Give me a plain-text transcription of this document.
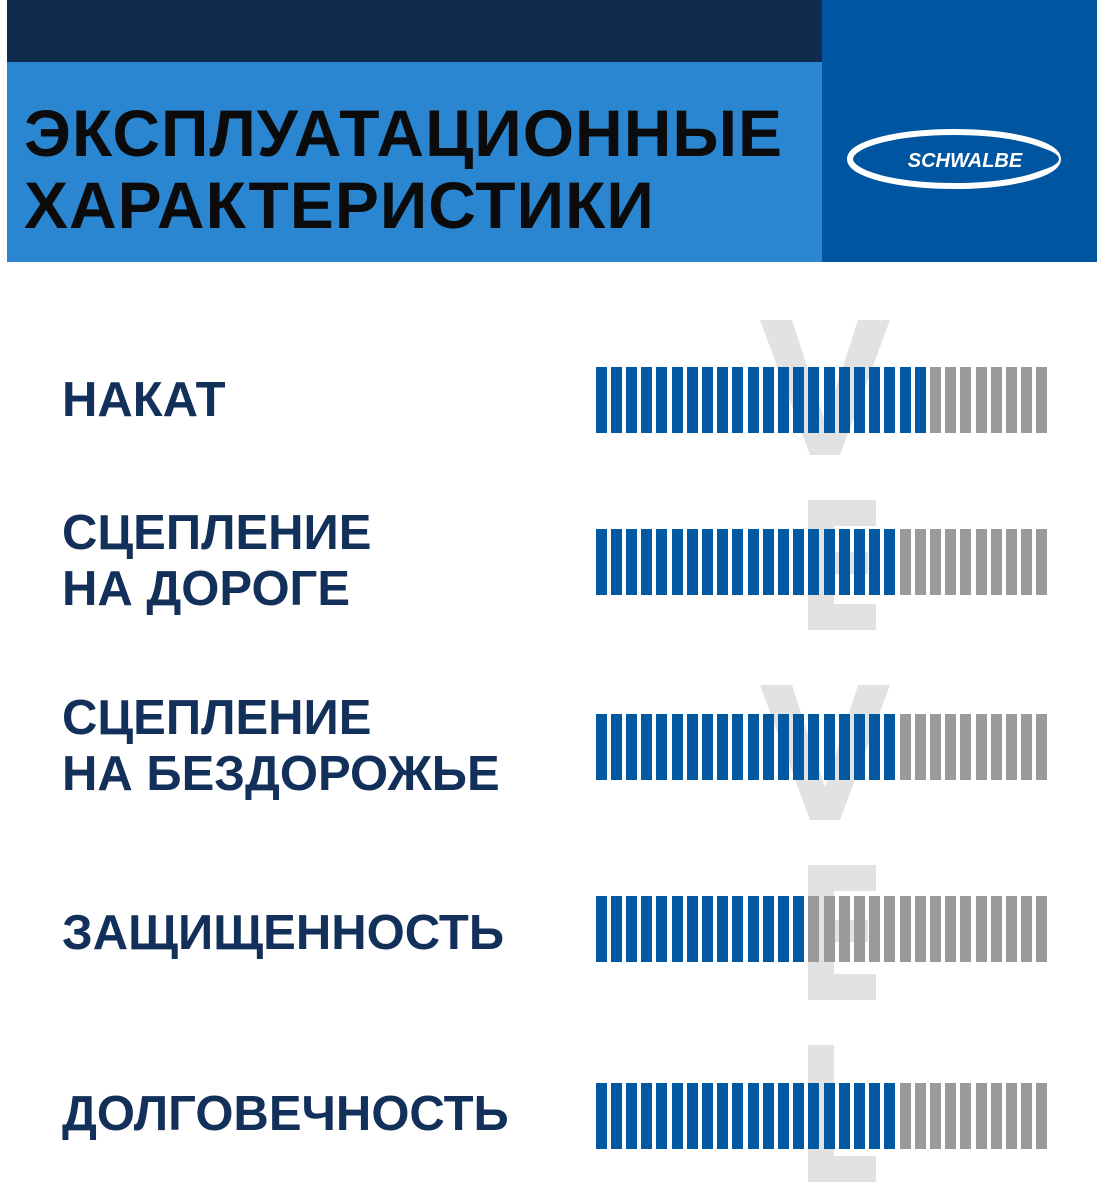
ЭКСПЛУАТАЦИОННЫЕ
ХАРАКТЕРИСТИКИ
SCHWALBE
НАКАТ
СЦЕПЛЕНИЕ
НА ДОРОГЕ
СЦЕПЛЕНИЕ
НА БЕЗДОРОЖЬЕ
ЗАЩИЩЕННОСТЬ
ДОЛГОВЕЧНОСТЬ
